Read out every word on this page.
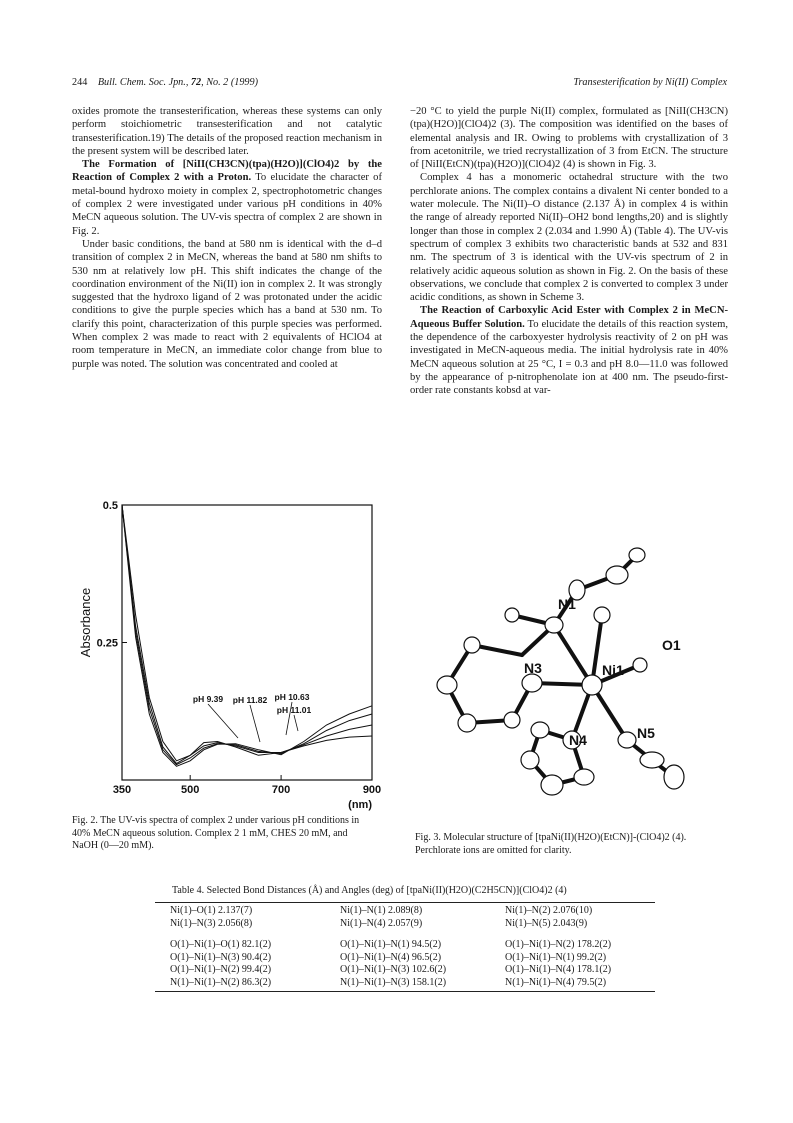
244 Bull. Chem. Soc. Jpn., 72, No. 2 (1999)	Transesterification by Ni(II) Complex

oxides promote the transesterification, whereas these systems can only perform stoichiometric transesterification and not catalytic transesterification.19) The details of the proposed reaction mechanism in the present system will be described later.

The Formation of [NiII(CH3CN)(tpa)(H2O)](ClO4)2 by the Reaction of Complex 2 with a Proton. To elucidate the character of metal-bound hydroxo moiety in complex 2, spectrophotometric changes of complex 2 were investigated under various pH conditions in 40% MeCN aqueous solution. The UV-vis spectra of complex 2 are shown in Fig. 2.

Under basic conditions, the band at 580 nm is identical with the d–d transition of complex 2 in MeCN, whereas the band at 580 nm shifts to 530 nm at relatively low pH. This shift indicates the change of the coordination environment of the Ni(II) ion in complex 2. It was strongly suggested that the hydroxo ligand of 2 was protonated under the acidic conditions to give the purple species which has a band at 530 nm. To clarify this point, characterization of this purple species was performed. When complex 2 was made to react with 2 equivalents of HClO4 at room temperature in MeCN, an immediate color change from blue to purple was noted. The solution was concentrated and cooled at

−20 °C to yield the purple Ni(II) complex, formulated as [NiII(CH3CN)(tpa)(H2O)](ClO4)2 (3). The composition was identified on the bases of elemental analysis and IR. Owing to problems with crystallization of 3 from acetonitrile, we tried recrystallization of 3 from EtCN. The structure of [NiII(EtCN)(tpa)(H2O)](ClO4)2 (4) is shown in Fig. 3.

Complex 4 has a monomeric octahedral structure with the two perchlorate anions. The complex contains a divalent Ni center bonded to a water molecule. The Ni(II)–O distance (2.137 Å) in complex 4 is within the range of already reported Ni(II)–OH2 bond lengths,20) and is slightly longer than those in complex 2 (2.034 and 1.990 Å) (Table 4). The UV-vis spectrum of complex 3 exhibits two characteristic bands at 532 and 831 nm. The spectrum of 3 is identical with the UV-vis spectrum of 2 in relatively acidic aqueous solution as shown in Fig. 2. On the basis of these observations, we conclude that complex 2 is converted to complex 3 under acidic conditions, as shown in Scheme 3.

The Reaction of Carboxylic Acid Ester with Complex 2 in MeCN-Aqueous Buffer Solution. To elucidate the details of this reaction system, the dependence of the carboxyester hydrolysis reactivity of 2 on pH was investigated in MeCN-aqueous media. The initial hydrolysis rate in 40% MeCN aqueous solution at 25 °C, I = 0.3 and pH 8.0—11.0 was followed by the appearance of p-nitrophenolate ion at 400 nm. The pseudo-first-order rate constants kobsd at var-

0.5
0.25
350	500	700	900
(nm)
Absorbance
pH 9.39 pH 11.82 pH 10.63
pH 11.01
Fig. 2. The UV-vis spectra of complex 2 under various pH conditions in 40% MeCN aqueous solution. Complex 2 1 mM, CHES 20 mM, and NaOH (0—20 mM).
N1
O1
N3	Ni1
N4	N5
Fig. 3. Molecular structure of [tpaNi(II)(H2O)(EtCN)]-(ClO4)2 (4). Perchlorate ions are omitted for clarity.
Table 4. Selected Bond Distances (Å) and Angles (deg) of [tpaNi(II)(H2O)(C2H5CN)](ClO4)2 (4)
Ni(1)–O(1) 2.137(7)	Ni(1)–N(1) 2.089(8)	Ni(1)–N(2) 2.076(10)
Ni(1)–N(3) 2.056(8)	Ni(1)–N(4) 2.057(9)	Ni(1)–N(5) 2.043(9)
O(1)–Ni(1)–O(1) 82.1(2)	O(1)–Ni(1)–N(1) 94.5(2)	O(1)–Ni(1)–N(2) 178.2(2)
O(1)–Ni(1)–N(3) 90.4(2)	O(1)–Ni(1)–N(4) 96.5(2)	O(1)–Ni(1)–N(1) 99.2(2)
O(1)–Ni(1)–N(2) 99.4(2)	O(1)–Ni(1)–N(3) 102.6(2)	O(1)–Ni(1)–N(4) 178.1(2)
N(1)–Ni(1)–N(2) 86.3(2)	N(1)–Ni(1)–N(3) 158.1(2)	N(1)–Ni(1)–N(4) 79.5(2)
